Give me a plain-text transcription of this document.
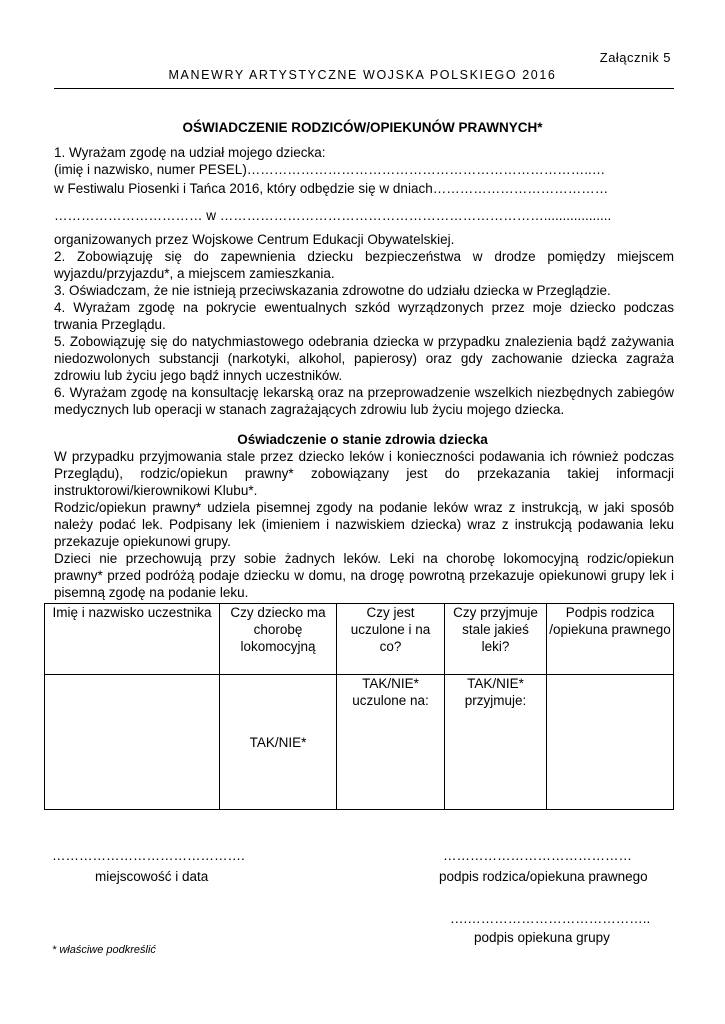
Załącznik 5
MANEWRY ARTYSTYCZNE WOJSKA POLSKIEGO 2016
OŚWIADCZENIE RODZICÓW/OPIEKUNÓW PRAWNYCH*
1. Wyrażam zgodę na udział mojego dziecka:
(imię i nazwisko, numer PESEL)…………………………………………………………………..…
w Festiwalu Piosenki i Tańca 2016, który odbędzie się w dniach…………………………………
…………………………… w ………………………………………………………………..................
organizowanych przez Wojskowe Centrum Edukacji Obywatelskiej.
2. Zobowiązuję się do zapewnienia dziecku bezpieczeństwa w drodze pomiędzy miejscem wyjazdu/przyjazdu*, a miejscem zamieszkania.
3. Oświadczam, że nie istnieją przeciwskazania zdrowotne do udziału dziecka w Przeglądzie.
4. Wyrażam zgodę na pokrycie ewentualnych szkód wyrządzonych przez moje dziecko podczas trwania Przeglądu.
5. Zobowiązuję się do natychmiastowego odebrania dziecka w przypadku znalezienia bądź zażywania niedozwolonych substancji (narkotyki, alkohol, papierosy) oraz gdy zachowanie dziecka zagraża zdrowiu lub życiu jego bądź innych uczestników.
6. Wyrażam zgodę na konsultację lekarską oraz na przeprowadzenie wszelkich niezbędnych zabiegów medycznych lub operacji w stanach zagrażających zdrowiu lub życiu mojego dziecka.
Oświadczenie o stanie zdrowia dziecka
W przypadku przyjmowania stale przez dziecko leków i konieczności podawania ich również podczas Przeglądu), rodzic/opiekun prawny* zobowiązany jest do przekazania takiej informacji instruktorowi/kierownikowi Klubu*.
Rodzic/opiekun prawny* udziela pisemnej zgody na podanie leków wraz z instrukcją, w jaki sposób należy podać lek. Podpisany lek (imieniem i nazwiskiem dziecka) wraz z instrukcją podawania leku przekazuje opiekunowi grupy.
Dzieci nie przechowują przy sobie żadnych leków. Leki na chorobę lokomocyjną rodzic/opiekun prawny* przed podróżą podaje dziecku w domu, na drogę powrotną przekazuje opiekunowi grupy lek i pisemną zgodę na podanie leku.
Imię i nazwisko uczestnika	Czy dziecko ma chorobę lokomocyjną	Czy jest uczulone i na co?	Czy przyjmuje stale jakieś leki?	Podpis rodzica /opiekuna prawnego
	TAK/NIE*	TAK/NIE* uczulone na:	TAK/NIE* przyjmuje:	
…………………………………….
miejscowość i data
……………………………………
podpis rodzica/opiekuna prawnego
….…………………………………..
podpis opiekuna grupy
* właściwe podkreślić
